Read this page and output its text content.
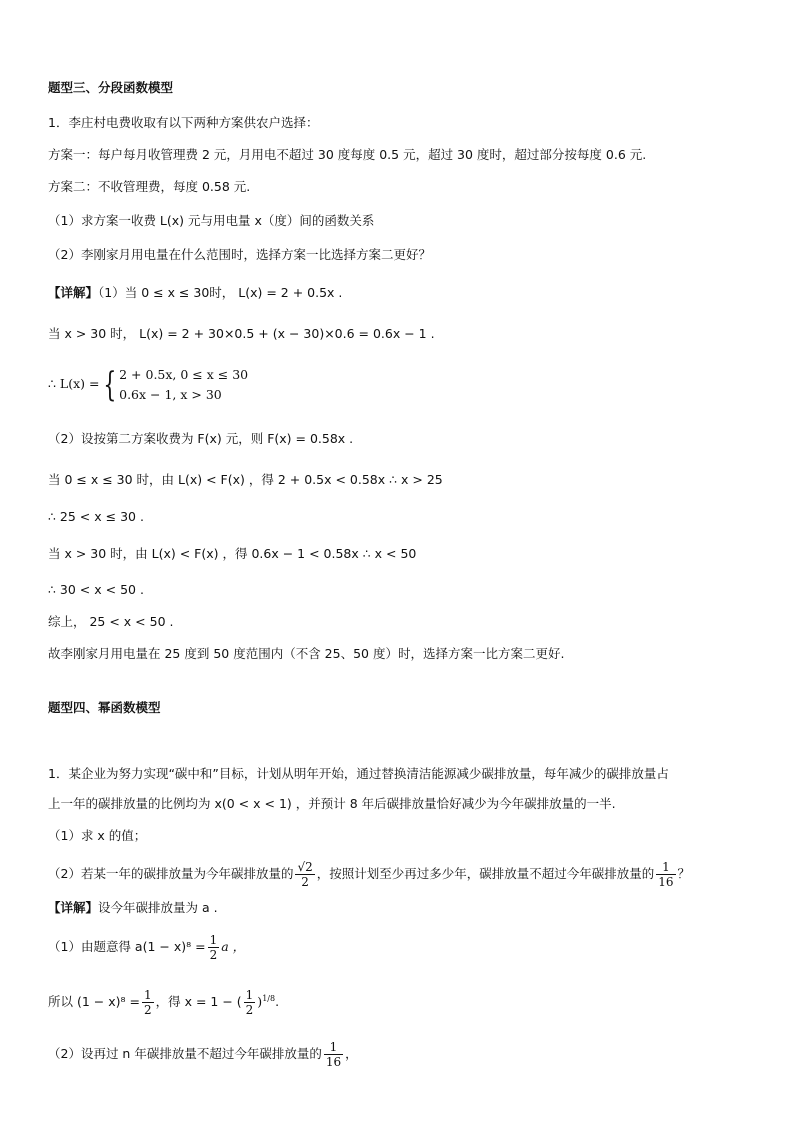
题型三、分段函数模型
1．李庄村电费收取有以下两种方案供农户选择：
方案一：每户每月收管理费 2 元，月用电不超过 30 度每度 0.5 元，超过 30 度时，超过部分按每度 0.6 元.
方案二：不收管理费，每度 0.58 元.
（1）求方案一收费 L(x) 元与用电量 x（度）间的函数关系
（2）李刚家月用电量在什么范围时，选择方案一比选择方案二更好？
【详解】（1）当 0 ≤ x ≤ 30时， L(x) = 2 + 0.5x .
当 x > 30 时， L(x) = 2 + 30×0.5 + (x − 30)×0.6 = 0.6x − 1 .
∴ L(x) = { 2 + 0.5x, 0 ≤ x ≤ 30
0.6x − 1, x > 30
（2）设按第二方案收费为 F(x) 元，则 F(x) = 0.58x .
当 0 ≤ x ≤ 30 时，由 L(x) < F(x) ，得 2 + 0.5x < 0.58x ∴ x > 25
∴ 25 < x ≤ 30 .
当 x > 30 时，由 L(x) < F(x) ，得 0.6x − 1 < 0.58x ∴ x < 50
∴ 30 < x < 50 .
综上， 25 < x < 50 .
故李刚家月用电量在 25 度到 50 度范围内（不含 25、50 度）时，选择方案一比方案二更好.
题型四、幂函数模型
1．某企业为努力实现“碳中和”目标，计划从明年开始，通过替换清洁能源减少碳排放量，每年减少的碳排放量占
上一年的碳排放量的比例均为 x(0 < x < 1) ，并预计 8 年后碳排放量恰好减少为今年碳排放量的一半.
（1）求 x 的值；
（2）若某一年的碳排放量为今年碳排放量的 $\frac{√2}{2}$ ，按照计划至少再过多少年，碳排放量不超过今年碳排放量的 $\frac{1}{16}$ ？
【详解】设今年碳排放量为 a .
（1）由题意得 $a(1 - x)^8 = \frac{1}{2}$ a ，
所以 $(1 - x)^8 = \frac{1}{2}$ ，得 x = 1 − ( $\frac{1}{2} )^{1/8}$.
（2）设再过 n 年碳排放量不超过今年碳排放量的 $\frac{1}{16}$ ，
